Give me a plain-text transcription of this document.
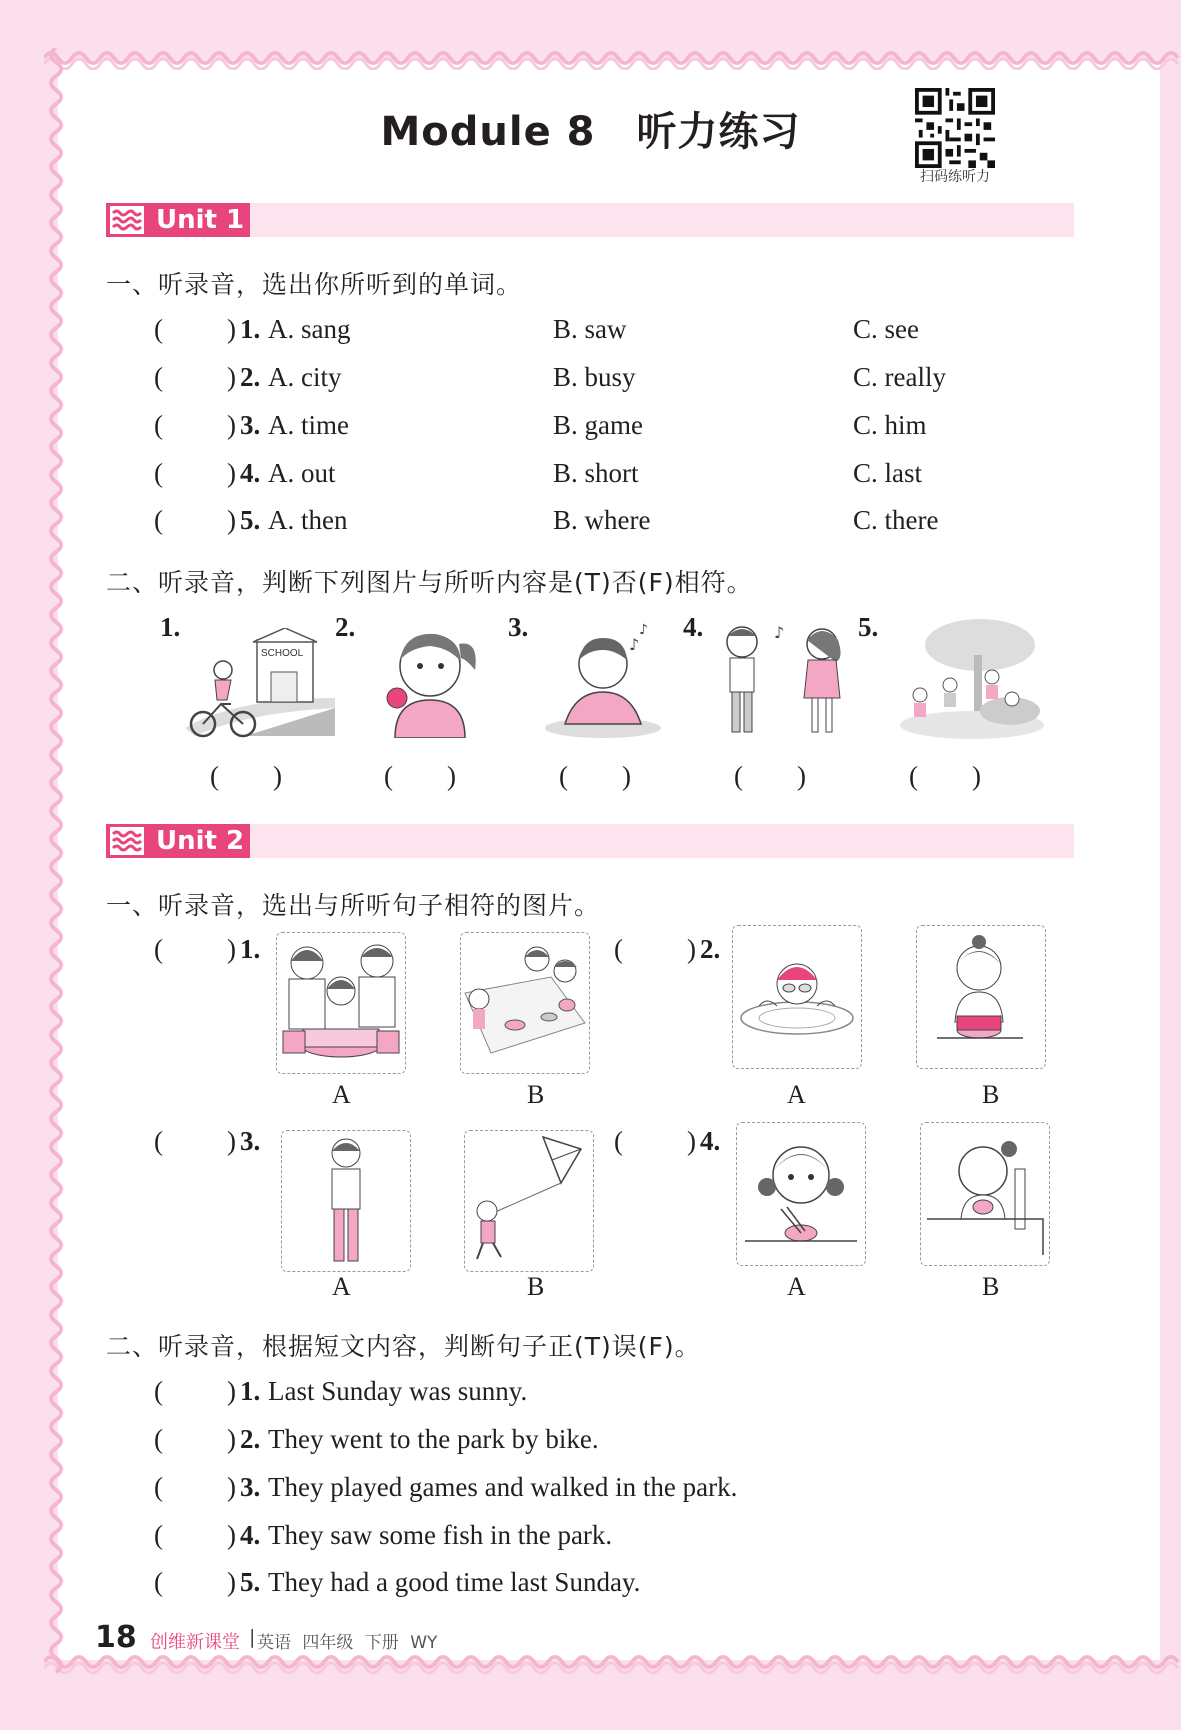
Module 8　听力练习
扫码练听力
Unit 1
一、听录音，选出你所听到的单词。
( ) 1. A. sang	B. saw	C. see
( ) 2. A. city	B. busy	C. really
( ) 3. A. time	B. game	C. him
( ) 4. A. out	B. short	C. last
( ) 5. A. then	B. where	C. there
二、听录音，判断下列图片与所听内容是(T)否(F)相符。
1.
SCHOOL
2.	3.
♪
♪ 4.	♪	5.
(　　)	(　　)	(　　)	(　　)	(　　)
Unit 2
一、听录音，选出与所听句子相符的图片。
( ) 1.
A	B
( ) 2.
A	B
( ) 3.
A	B
( ) 4.
A	B
二、听录音，根据短文内容，判断句子正(T)误(F)。
( ) 1. Last Sunday was sunny.
( ) 2. They went to the park by bike.
( ) 3. They played games and walked in the park.
( ) 4. They saw some fish in the park.
( ) 5. They had a good time last Sunday.
18 创维新课堂 | 英语 四年级 下册 WY
